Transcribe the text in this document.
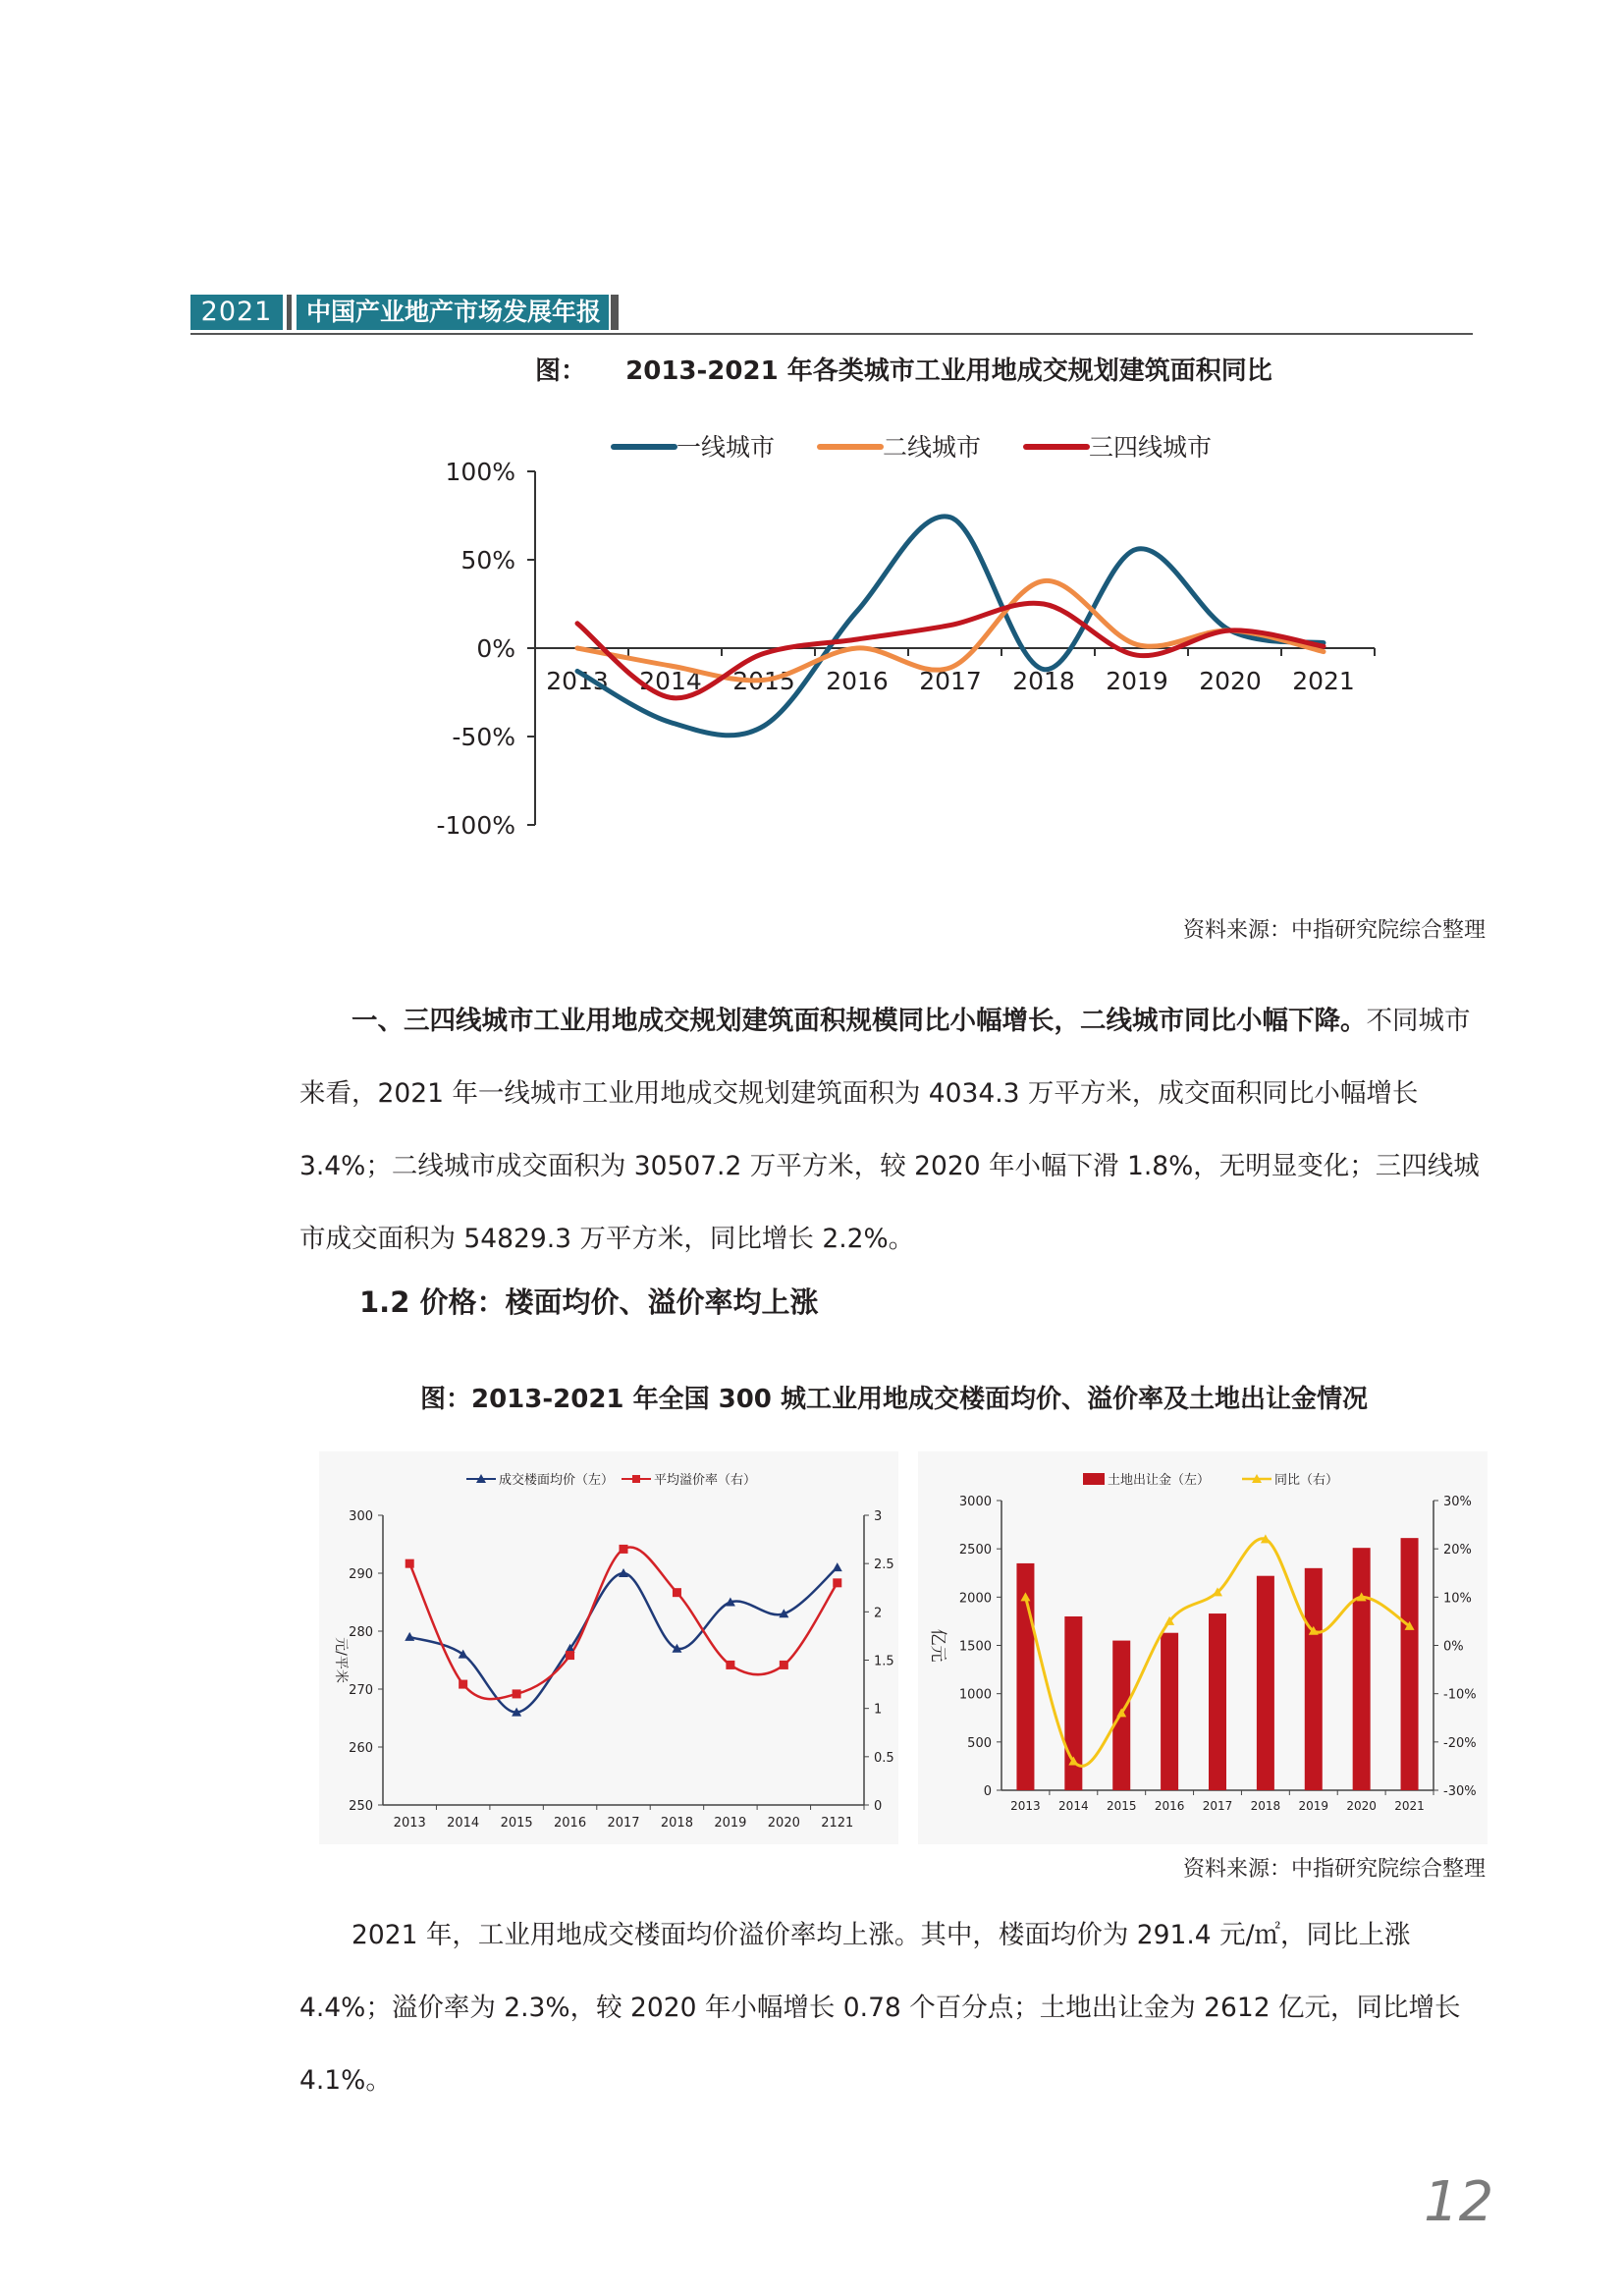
2021	中国产业地产市场发展年报
图： 2013-2021 年各类城市工业用地成交规划建筑面积同比
一线城市	二线城市	三四线城市
100%
50%
0%
-50%
-100%
2013 2014 2015 2016 2017 2018 2019 2020 2021
资料来源：中指研究院综合整理

一、三四线城市工业用地成交规划建筑面积规模同比小幅增长，二线城市同比小幅下降。不同城市来看，2021 年一线城市工业用地成交规划建筑面积为 4034.3 万平方米，成交面积同比小幅增长 3.4%；二线城市成交面积为 30507.2 万平方米，较 2020 年小幅下滑 1.8%，无明显变化；三四线城市成交面积为 54829.3 万平方米，同比增长 2.2%。

1.2 价格：楼面均价、溢价率均上涨
图：2013-2021 年全国 300 城工业用地成交楼面均价、溢价率及土地出让金情况
成交楼面均价（左）	平均溢价率（右）
300
290
280
270
260
250
3
2.5
2
1.5
1
0.5
0
2013 2014 2015 2016 2017 2018 2019 2020 2121
元/平米
土地出让金（左）	同比（右）
3000
2500
2000
1500
1000
500
0
30%
20%
10%
0%
-10%
-20%
-30%
2013 2014 2015 2016 2017 2018 2019 2020 2021
亿元
资料来源：中指研究院综合整理

2021 年，工业用地成交楼面均价溢价率均上涨。其中，楼面均价为 291.4 元/㎡，同比上涨 4.4%；溢价率为 2.3%，较 2020 年小幅增长 0.78 个百分点；土地出让金为 2612 亿元，同比增长 4.1%。

12
